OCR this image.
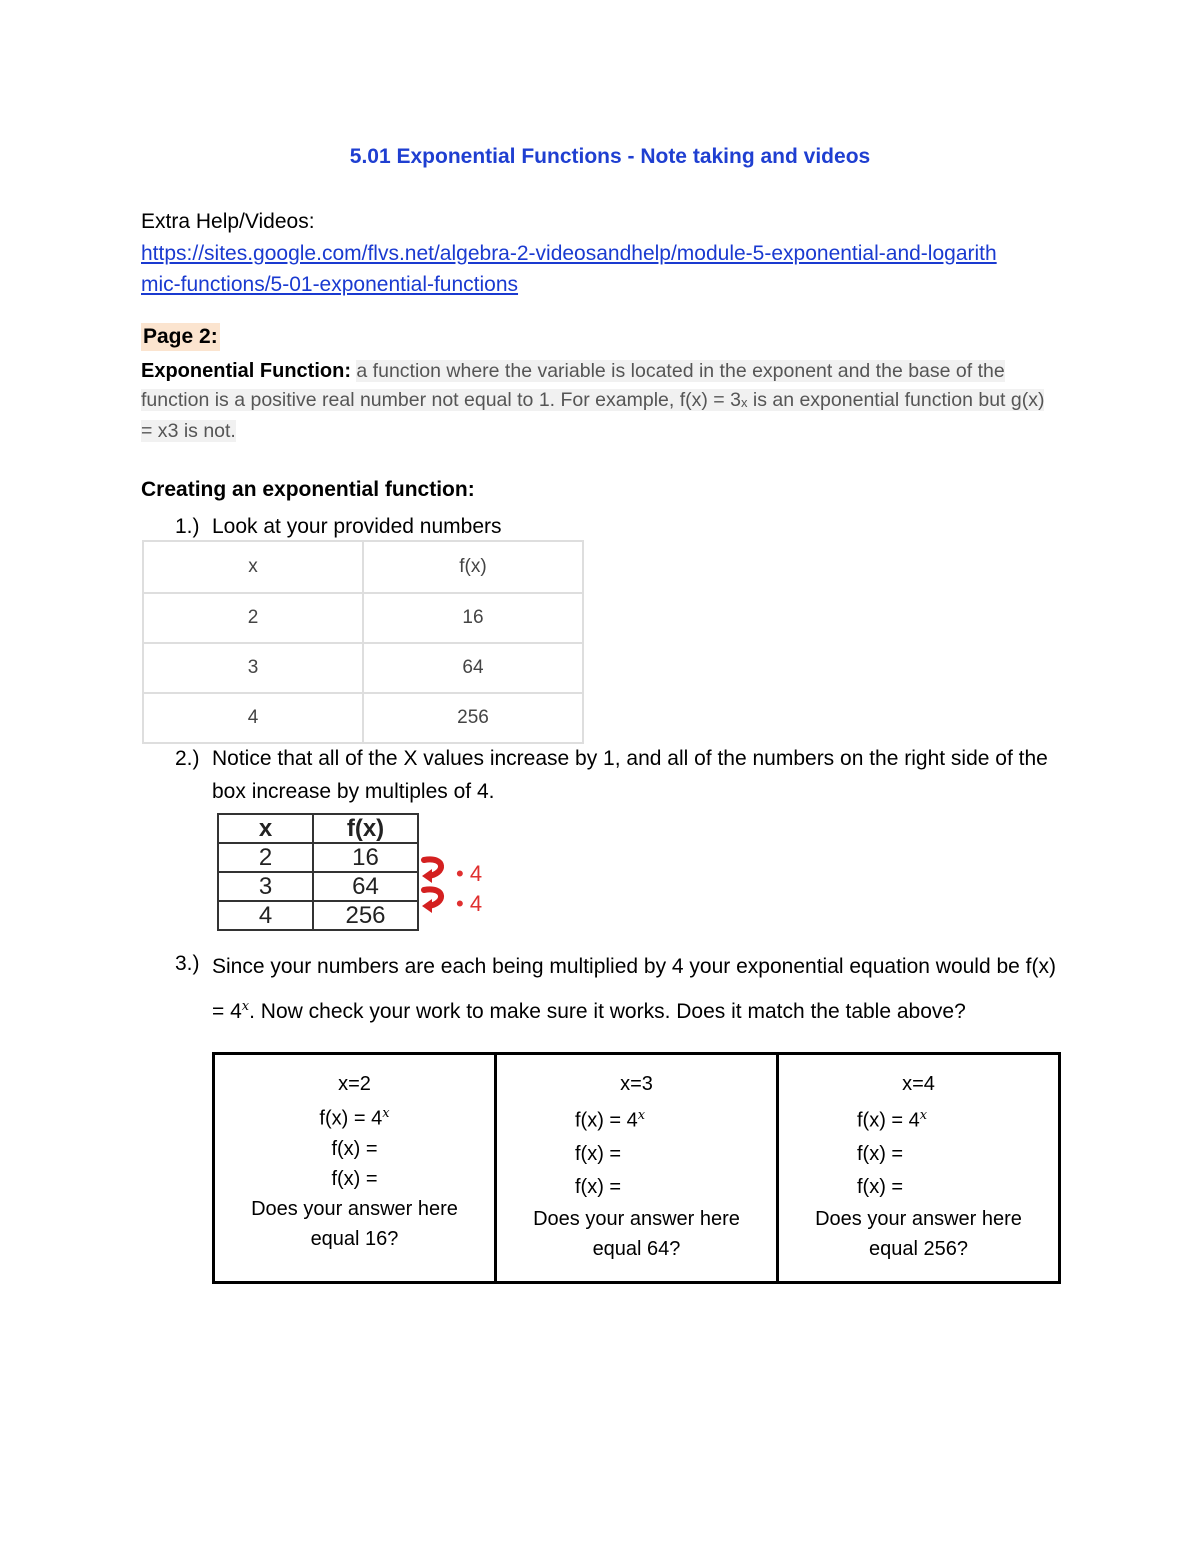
5.01 Exponential Functions - Note taking and videos
Extra Help/Videos:
https://sites.google.com/flvs.net/algebra-2-videosandhelp/module-5-exponential-and-logarith
mic-functions/5-01-exponential-functions
Page 2:
Exponential Function: a function where the variable is located in the exponent and the base of the function is a positive real number not equal to 1. For example, $f(x) = 3_x$ is an exponential function but g(x) = x3 is not.
Creating an exponential function:
1.) Look at your provided numbers
x	f(x)
2	16
3	64
4	256
2.) Notice that all of the X values increase by 1, and all of the numbers on the right side of the box increase by multiples of 4.
x	f(x)
2	16
3	64
4	256
• 4
• 4
3.) Since your numbers are each being multiplied by 4 your exponential equation would be $f(x) = 4^x$. Now check your work to make sure it works. Does it match the table above?
x=2
$f(x) = 4^x$
f(x) =
f(x) =
Does your answer here
equal 16?

x=3
$f(x) = 4^x$
f(x) =
f(x) =
Does your answer here
equal 64?

x=4
$f(x) = 4^x$
f(x) =
f(x) =
Does your answer here
equal 256?
